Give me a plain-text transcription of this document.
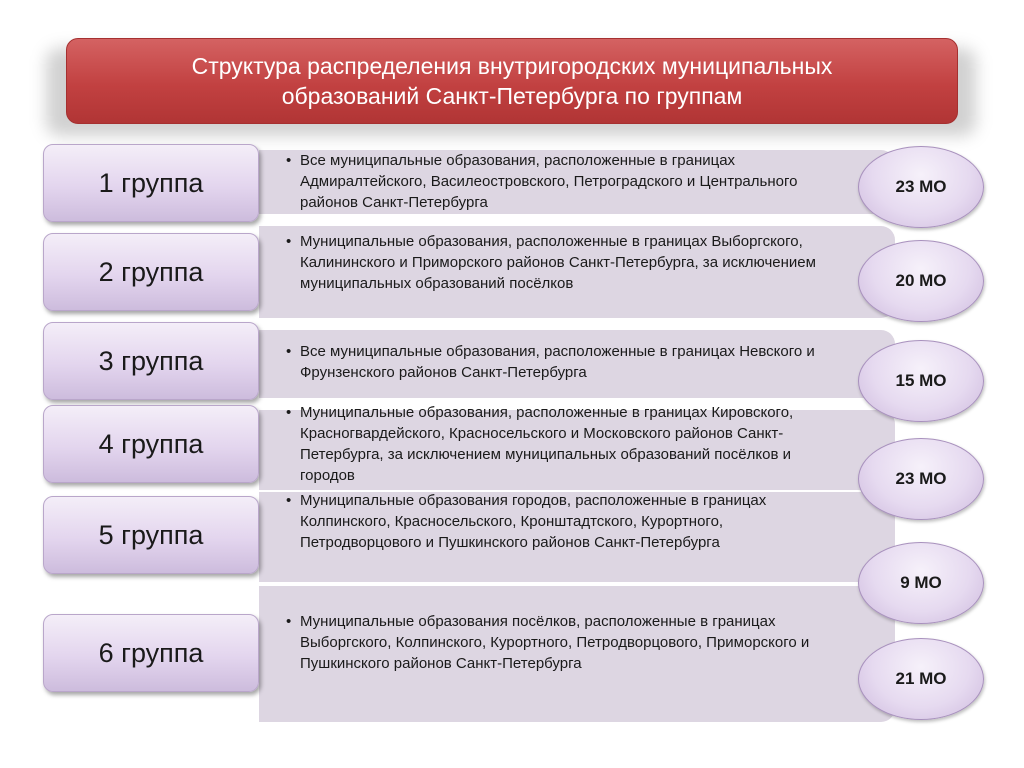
Структура распределения внутригородских муниципальных
образований Санкт-Петербурга по группам
1 группа
2 группа
3 группа
4 группа
5 группа
6 группа
• Все муниципальные образования, расположенные в границах Адмиралтейского, Василеостровского, Петроградского и Центрального районов Санкт-Петербурга
• Муниципальные образования, расположенные в границах Выборгского, Калининского и Приморского районов Санкт-Петербурга, за исключением муниципальных образований посёлков
• Все муниципальные образования, расположенные в границах Невского и Фрунзенского районов Санкт-Петербурга
• Муниципальные образования, расположенные в границах Кировского, Красногвардейского, Красносельского и Московского районов Санкт-Петербурга, за исключением муниципальных образований посёлков и городов
• Муниципальные образования городов, расположенные в границах Колпинского, Красносельского, Кронштадтского, Курортного, Петродворцового и Пушкинского районов Санкт-Петербурга
• Муниципальные образования посёлков, расположенные в границах Выборгского, Колпинского, Курортного, Петродворцового, Приморского и Пушкинского районов Санкт-Петербурга
23 МО
20 МО
15 МО
23 МО
9 МО
21 МО
